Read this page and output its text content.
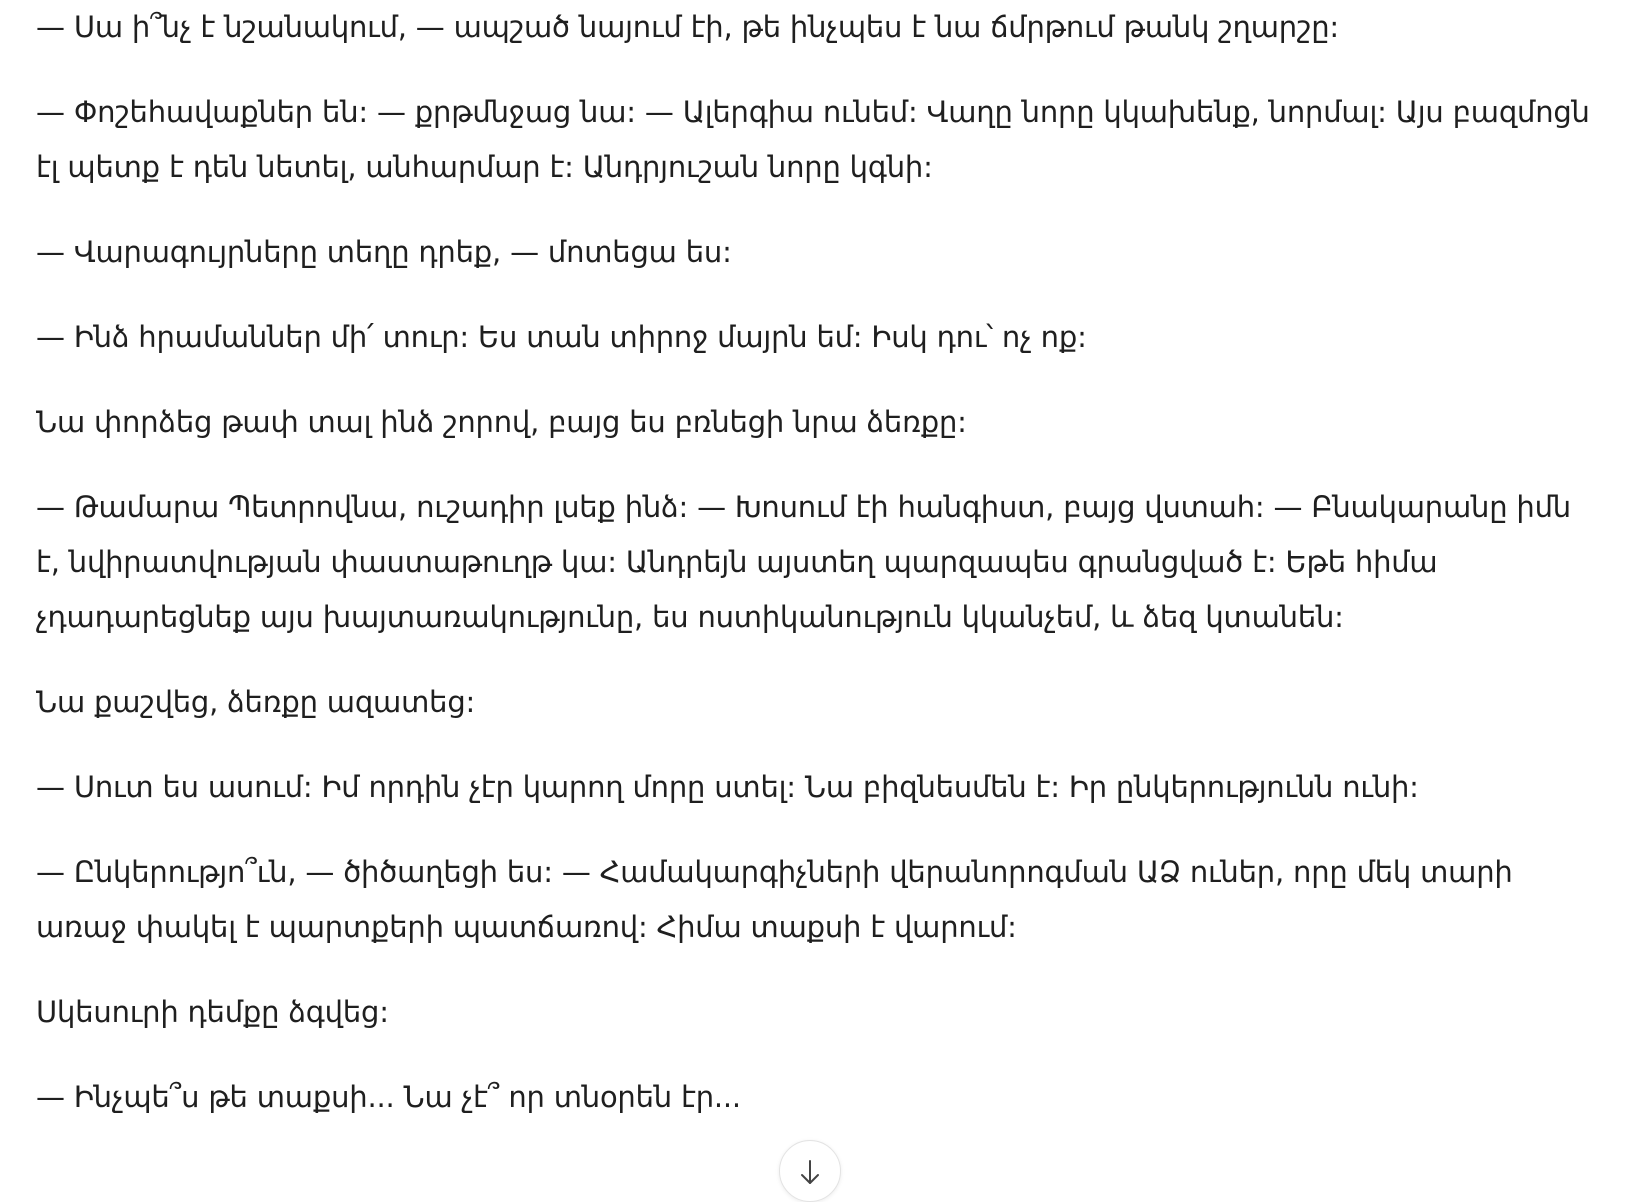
— Սա ի՞նչ է նշանակում, — ապշած նայում էի, թե ինչպես է նա ճմրթում թանկ շղարշը:

— Փոշեհավաքներ են: — քրթմնջաց նա: — Ալերգիա ունեմ: Վաղը նորը կկախենք, նորմալ: Այս բազմոցն էլ պետք է դեն նետել, անհարմար է: Անդրյուշան նորը կգնի:

— Վարագույրները տեղը դրեք, — մոտեցա ես:

— Ինձ հրամաններ մի՛ տուր: Ես տան տիրոջ մայրն եմ: Իսկ դու՝ ոչ ոք:

Նա փորձեց թափ տալ ինձ շորով, բայց ես բռնեցի նրա ձեռքը:

— Թամարա Պետրովնա, ուշադիր լսեք ինձ: — Խոսում էի հանգիստ, բայց վստահ: — Բնակարանը իմն է, նվիրատվության փաստաթուղթ կա: Անդրեյն այստեղ պարզապես գրանցված է: Եթե հիմա չդադարեցնեք այս խայտառակությունը, ես ոստիկանություն կկանչեմ, և ձեզ կտանեն:

Նա քաշվեց, ձեռքը ազատեց:

— Սուտ ես ասում: Իմ որդին չէր կարող մորը ստել: Նա բիզնեսմեն է: Իր ընկերությունն ունի:

— Ընկերությո՞ւն, — ծիծաղեցի ես: — Համակարգիչների վերանորոգման ԱՁ ուներ, որը մեկ տարի առաջ փակել է պարտքերի պատճառով: Հիմա տաքսի է վարում:

Սկեսուրի դեմքը ձգվեց:

— Ինչպե՞ս թե տաքսի... Նա չէ՞ որ տնօրեն էր...
